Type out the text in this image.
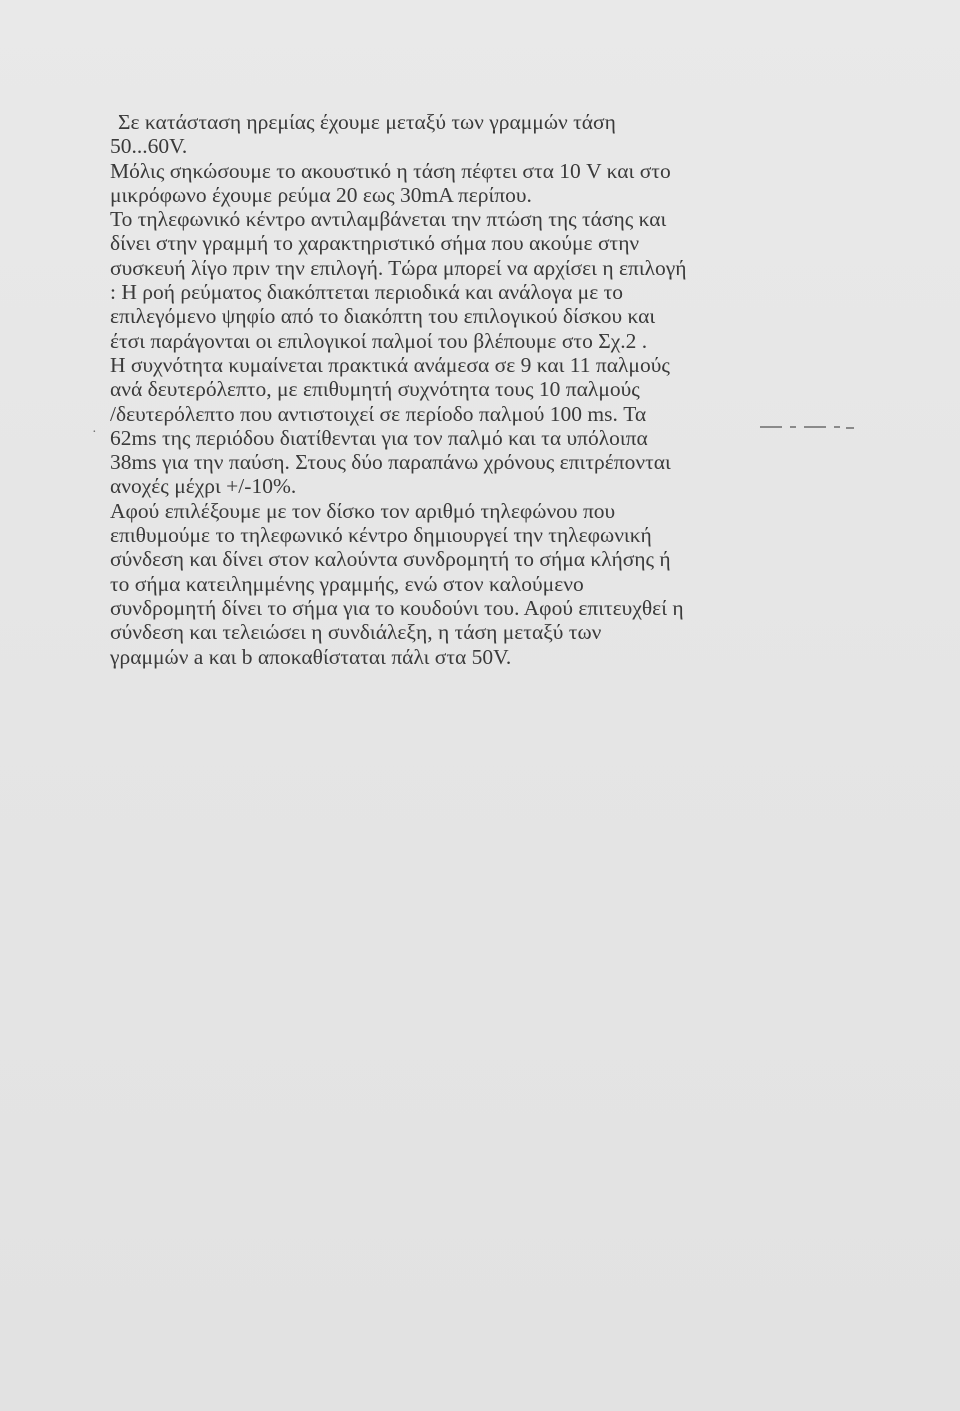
Σε κατάσταση ηρεμίας έχουμε μεταξύ των γραμμών τάση
50...60V.
Μόλις σηκώσουμε το ακουστικό η τάση πέφτει στα 10 V και στο
μικρόφωνο έχουμε ρεύμα 20 εως 30mA περίπου.
Το τηλεφωνικό κέντρο αντιλαμβάνεται την πτώση της τάσης και
δίνει στην γραμμή το χαρακτηριστικό σήμα που ακούμε στην
συσκευή λίγο πριν την επιλογή. Τώρα μπορεί να αρχίσει η επιλογή
: Η ροή ρεύματος διακόπτεται περιοδικά και ανάλογα με το
επιλεγόμενο ψηφίο από το διακόπτη του επιλογικού δίσκου και
έτσι παράγονται οι επιλογικοί παλμοί του βλέπουμε στο Σχ.2 .
Η συχνότητα κυμαίνεται πρακτικά ανάμεσα σε 9 και 11 παλμούς
ανά δευτερόλεπτο, με επιθυμητή συχνότητα τους 10 παλμούς
/δευτερόλεπτο που αντιστοιχεί σε περίοδο παλμού 100 ms. Τα
62ms της περιόδου διατίθενται για τον παλμό και τα υπόλοιπα
38ms για την παύση. Στους δύο παραπάνω χρόνους επιτρέπονται
ανοχές μέχρι +/-10%.
Αφού επιλέξουμε με τον δίσκο τον αριθμό τηλεφώνου που
επιθυμούμε το τηλεφωνικό κέντρο δημιουργεί την τηλεφωνική
σύνδεση και δίνει στον καλούντα συνδρομητή το σήμα κλήσης ή
το σήμα κατειλημμένης γραμμής, ενώ στον καλούμενο
συνδρομητή δίνει το σήμα για το κουδούνι του. Αφού επιτευχθεί η
σύνδεση και τελειώσει η συνδιάλεξη, η τάση μεταξύ των
γραμμών a και b αποκαθίσταται πάλι στα 50V.
·
